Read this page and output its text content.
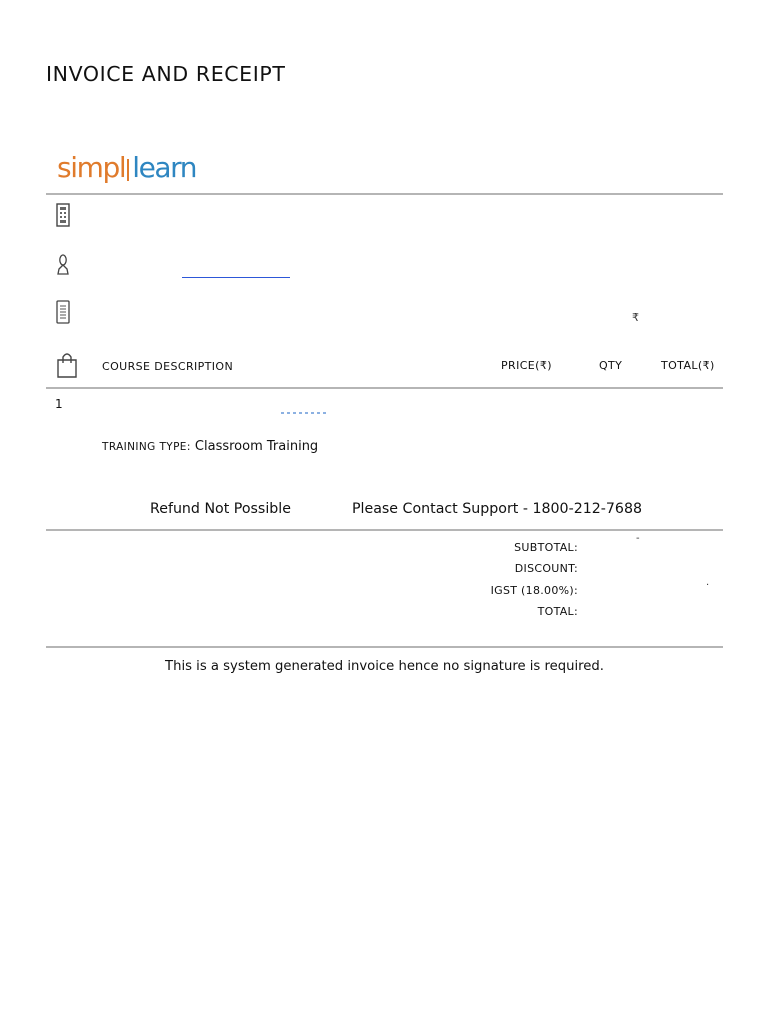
INVOICE AND RECEIPT
simpl learn
₹
COURSE DESCRIPTION	PRICE(₹)	QTY	TOTAL(₹)
1
TRAINING TYPE: Classroom Training
Refund Not Possible	Please Contact Support - 1800-212-7688
SUBTOTAL:
-
DISCOUNT:
IGST (18.00%):	·
TOTAL:
This is a system generated invoice hence no signature is required.
